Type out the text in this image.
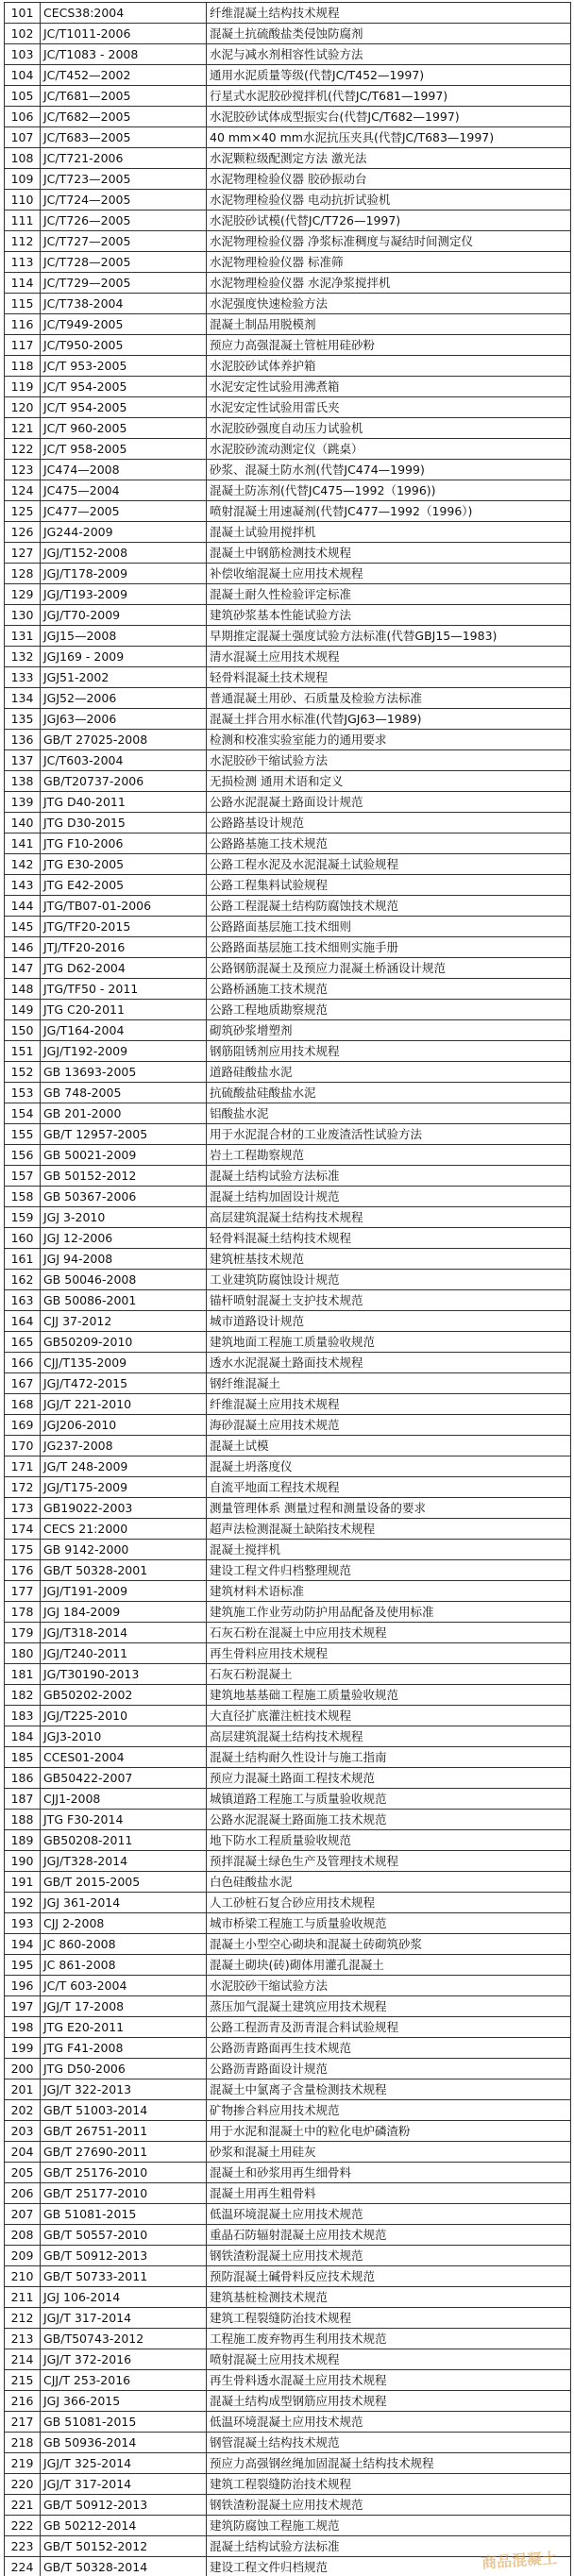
101	CECS38:2004	纤维混凝土结构技术规程
102	JC/T1011-2006	混凝土抗硫酸盐类侵蚀防腐剂
103	JC/T1083 - 2008	水泥与减水剂相容性试验方法
104	JC/T452—2002	通用水泥质量等级(代替JC/T452—1997)
105	JC/T681—2005	行星式水泥胶砂搅拌机(代替JC/T681—1997)
106	JC/T682—2005	水泥胶砂试体成型振实台(代替JC/T682—1997)
107	JC/T683—2005	40 mm×40 mm水泥抗压夹具(代替JC/T683—1997)
108	JC/T721-2006	水泥颗粒级配测定方法 激光法
109	JC/T723—2005	水泥物理检验仪器 胶砂振动台
110	JC/T724—2005	水泥物理检验仪器 电动抗折试验机
111	JC/T726—2005	水泥胶砂试模(代替JC/T726—1997)
112	JC/T727—2005	水泥物理检验仪器 净浆标准稠度与凝结时间测定仪
113	JC/T728—2005	水泥物理检验仪器 标准筛
114	JC/T729—2005	水泥物理检验仪器 水泥净浆搅拌机
115	JC/T738-2004	水泥强度快速检验方法
116	JC/T949-2005	混凝土制品用脱模剂
117	JC/T950-2005	预应力高强混凝土管桩用硅砂粉
118	JC/T 953-2005	水泥胶砂试体养护箱
119	JC/T 954-2005	水泥安定性试验用沸煮箱
120	JC/T 954-2005	水泥安定性试验用雷氏夹
121	JC/T 960-2005	水泥胶砂强度自动压力试验机
122	JC/T 958-2005	水泥胶砂流动测定仪（跳桌）
123	JC474—2008	砂浆、混凝土防水剂(代替JC474—1999)
124	JC475—2004	混凝土防冻剂(代替JC475—1992（1996))
125	JC477—2005	喷射混凝土用速凝剂(代替JC477—1992（1996）)
126	JG244-2009	混凝土试验用搅拌机
127	JGJ/T152-2008	混凝土中钢筋检测技术规程
128	JGJ/T178-2009	补偿收缩混凝土应用技术规程
129	JGJ/T193-2009	混凝土耐久性检验评定标准
130	JGJ/T70-2009	建筑砂浆基本性能试验方法
131	JGJ15—2008	早期推定混凝土强度试验方法标准(代替GBJ15—1983)
132	JGJ169 - 2009	清水混凝土应用技术规程
133	JGJ51-2002	轻骨料混凝土技术规程
134	JGJ52—2006	普通混凝土用砂、石质量及检验方法标准
135	JGJ63—2006	混凝土拌合用水标准(代替JGJ63—1989)
136	GB/T 27025-2008	检测和校准实验室能力的通用要求
137	JC/T603-2004	水泥胶砂干缩试验方法
138	GB/T20737-2006	无损检测 通用术语和定义
139	JTG D40-2011	公路水泥混凝土路面设计规范
140	JTG D30-2015	公路路基设计规范
141	JTG F10-2006	公路路基施工技术规范
142	JTG E30-2005	公路工程水泥及水泥混凝土试验规程
143	JTG E42-2005	公路工程集料试验规程
144	JTG/TB07-01-2006	公路工程混凝土结构防腐蚀技术规范
145	JTG/TF20-2015	公路路面基层施工技术细则
146	JTJ/TF20-2016	公路路面基层施工技术细则实施手册
147	JTG D62-2004	公路钢筋混凝土及预应力混凝土桥涵设计规范
148	JTG/TF50 - 2011	公路桥涵施工技术规范
149	JTG C20-2011	公路工程地质勘察规范
150	JG/T164-2004	砌筑砂浆增塑剂
151	JGJ/T192-2009	钢筋阻锈剂应用技术规程
152	GB 13693-2005	道路硅酸盐水泥
153	GB 748-2005	抗硫酸盐硅酸盐水泥
154	GB 201-2000	铝酸盐水泥
155	GB/T 12957-2005	用于水泥混合材的工业废渣活性试验方法
156	GB 50021-2009	岩土工程勘察规范
157	GB 50152-2012	混凝土结构试验方法标准
158	GB 50367-2006	混凝土结构加固设计规范
159	JGJ 3-2010	高层建筑混凝土结构技术规程
160	JGJ 12-2006	轻骨料混凝土结构技术规程
161	JGJ 94-2008	建筑桩基技术规范
162	GB 50046-2008	工业建筑防腐蚀设计规范
163	GB 50086-2001	锚杆喷射混凝土支护技术规范
164	CJJ 37-2012	城市道路设计规范
165	GB50209-2010	建筑地面工程施工质量验收规范
166	CJJ/T135-2009	透水水泥混凝土路面技术规程
167	JGJ/T472-2015	钢纤维混凝土
168	JGJ/T 221-2010	纤维混凝土应用技术规程
169	JGJ206-2010	海砂混凝土应用技术规范
170	JG237-2008	混凝土试模
171	JG/T 248-2009	混凝土坍落度仪
172	JGJ/T175-2009	自流平地面工程技术规程
173	GB19022-2003	测量管理体系 测量过程和测量设备的要求
174	CECS 21:2000	超声法检测混凝土缺陷技术规程
175	GB 9142-2000	混凝土搅拌机
176	GB/T 50328-2001	建设工程文件归档整理规范
177	JGJ/T191-2009	建筑材料术语标准
178	JGJ 184-2009	建筑施工作业劳动防护用品配备及使用标准
179	JGJ/T318-2014	石灰石粉在混凝土中应用技术规程
180	JGJ/T240-2011	再生骨料应用技术规程
181	JG/T30190-2013	石灰石粉混凝土
182	GB50202-2002	建筑地基基础工程施工质量验收规范
183	JGJ/T225-2010	大直径扩底灌注桩技术规程
184	JGJ3-2010	高层建筑混凝土结构技术规程
185	CCES01-2004	混凝土结构耐久性设计与施工指南
186	GB50422-2007	预应力混凝土路面工程技术规范
187	CJJ1-2008	城镇道路工程施工与质量验收规范
188	JTG F30-2014	公路水泥混凝土路面施工技术规范
189	GB50208-2011	地下防水工程质量验收规范
190	JGJ/T328-2014	预拌混凝土绿色生产及管理技术规程
191	GB/T 2015-2005	白色硅酸盐水泥
192	JGJ 361-2014	人工砂桩石复合砂应用技术规程
193	CJJ 2-2008	城市桥梁工程施工与质量验收规范
194	JC 860-2008	混凝土小型空心砌块和混凝土砖砌筑砂浆
195	JC 861-2008	混凝土砌块(砖)砌体用灌孔混凝土
196	JC/T 603-2004	水泥胶砂干缩试验方法
197	JGJ/T 17-2008	蒸压加气混凝土建筑应用技术规程
198	JTG E20-2011	公路工程沥青及沥青混合料试验规程
199	JTG F41-2008	公路沥青路面再生技术规范
200	JTG D50-2006	公路沥青路面设计规范
201	JGJ/T 322-2013	混凝土中氯离子含量检测技术规程
202	GB/T 51003-2014	矿物掺合料应用技术规范
203	GB/T 26751-2011	用于水泥和混凝土中的粒化电炉磷渣粉
204	GB/T 27690-2011	砂浆和混凝土用硅灰
205	GB/T 25176-2010	混凝土和砂浆用再生细骨料
206	GB/T 25177-2010	混凝土用再生粗骨料
207	GB 51081-2015	低温环境混凝土应用技术规范
208	GB/T 50557-2010	重晶石防辐射混凝土应用技术规范
209	GB/T 50912-2013	钢铁渣粉混凝土应用技术规范
210	GB/T 50733-2011	预防混凝土碱骨料反应技术规范
211	JGJ 106-2014	建筑基桩检测技术规范
212	JGJ/T 317-2014	建筑工程裂缝防治技术规程
213	GB/T50743-2012	工程施工废弃物再生利用技术规范
214	JGJ/T 372-2016	喷射混凝土应用技术规程
215	CJJ/T 253-2016	再生骨料透水混凝土应用技术规程
216	JGJ 366-2015	混凝土结构成型钢筋应用技术规程
217	GB 51081-2015	低温环境混凝土应用技术规范
218	GB 50936-2014	钢管混凝土结构技术规范
219	JGJ/T 325-2014	预应力高强钢丝绳加固混凝土结构技术规程
220	JGJ/T 317-2014	建筑工程裂缝防治技术规程
221	GB/T 50912-2013	钢铁渣粉混凝土应用技术规范
222	GB 50212-2014	建筑防腐蚀工程施工规范
223	GB/T 50152-2012	混凝土结构试验方法标准
224	GB/T 50328-2014	建设工程文件归档规范	商品混凝土
